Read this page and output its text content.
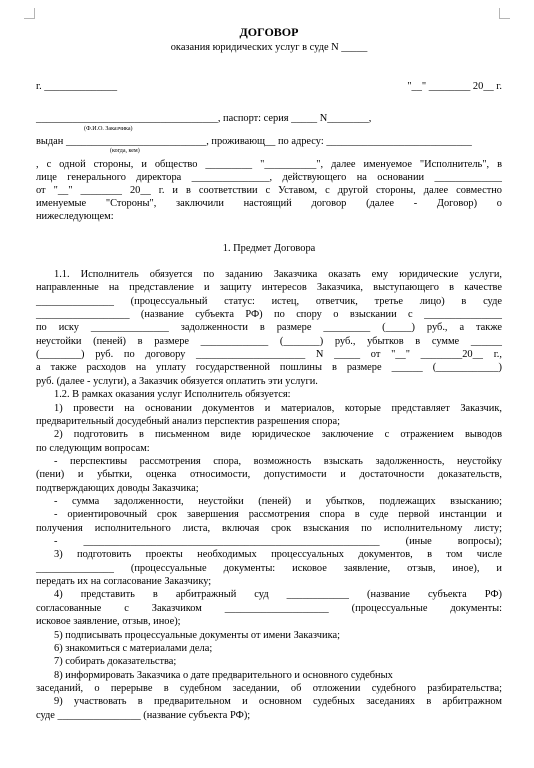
ДОГОВОР
оказания юридических услуг в суде N _____
г. ______________	"__" ________ 20__ г.
___________________________________, паспорт: серия _____ N________,
(Ф.И.О. Заказчика)
выдан ___________________________, проживающ__ по адресу: ____________________________
(когда, кем)
, с одной стороны, и общество _________ "__________", далее именуемое "Исполнитель", в
лице генерального директора _______________, действующего на основании _____________
от "__" ________ 20__ г. и в соответствии с Уставом, с другой стороны, далее совместно
именуемые "Стороны", заключили настоящий договор (далее - Договор) о
нижеследующем:
1. Предмет Договора
1.1. Исполнитель обязуется по заданию Заказчика оказать ему юридические услуги,
направленные на представление и защиту интересов Заказчика, выступающего в качестве
_______________ (процессуальный статус: истец, ответчик, третье лицо) в суде
__________________ (название субъекта РФ) по спору о взыскании с _______________
по иску _______________ задолженности в размере _________ (_____) руб., а также
неустойки (пеней) в размере _____________ (_______) руб., убытков в сумме ______
(________) руб. по договору _____________________ N _____ от "__" ________20__ г.,
а также расходов на уплату государственной пошлины в размере ______ (____________)
руб. (далее - услуги), а Заказчик обязуется оплатить эти услуги.
1.2. В рамках оказания услуг Исполнитель обязуется:
1) провести на основании документов и материалов, которые представляет Заказчик,
предварительный досудебный анализ перспектив разрешения спора;
2) подготовить в письменном виде юридическое заключение с отражением выводов
по следующим вопросам:
- перспективы рассмотрения спора, возможность взыскать задолженность, неустойку
(пени) и убытки, оценка относимости, допустимости и достаточности доказательств,
подтверждающих доводы Заказчика;
- сумма задолженности, неустойки (пеней) и убытков, подлежащих взысканию;
- ориентировочный срок завершения рассмотрения спора в суде первой инстанции и
получения исполнительного листа, включая срок взыскания по исполнительному листу;
- _________________________________________________________ (иные вопросы);
3) подготовить проекты необходимых процессуальных документов, в том числе
_______________ (процессуальные документы: исковое заявление, отзыв, иное), и
передать их на согласование Заказчику;
4) представить в арбитражный суд ____________ (название субъекта РФ)
согласованные с Заказчиком ____________________ (процессуальные документы:
исковое заявление, отзыв, иное);
5) подписывать процессуальные документы от имени Заказчика;
6) знакомиться с материалами дела;
7) собирать доказательства;
8) информировать Заказчика о дате предварительного и основного судебных
заседаний, о перерыве в судебном заседании, об отложении судебного разбирательства;
9) участвовать в предварительном и основном судебных заседаниях в арбитражном
суде ________________ (название субъекта РФ);
